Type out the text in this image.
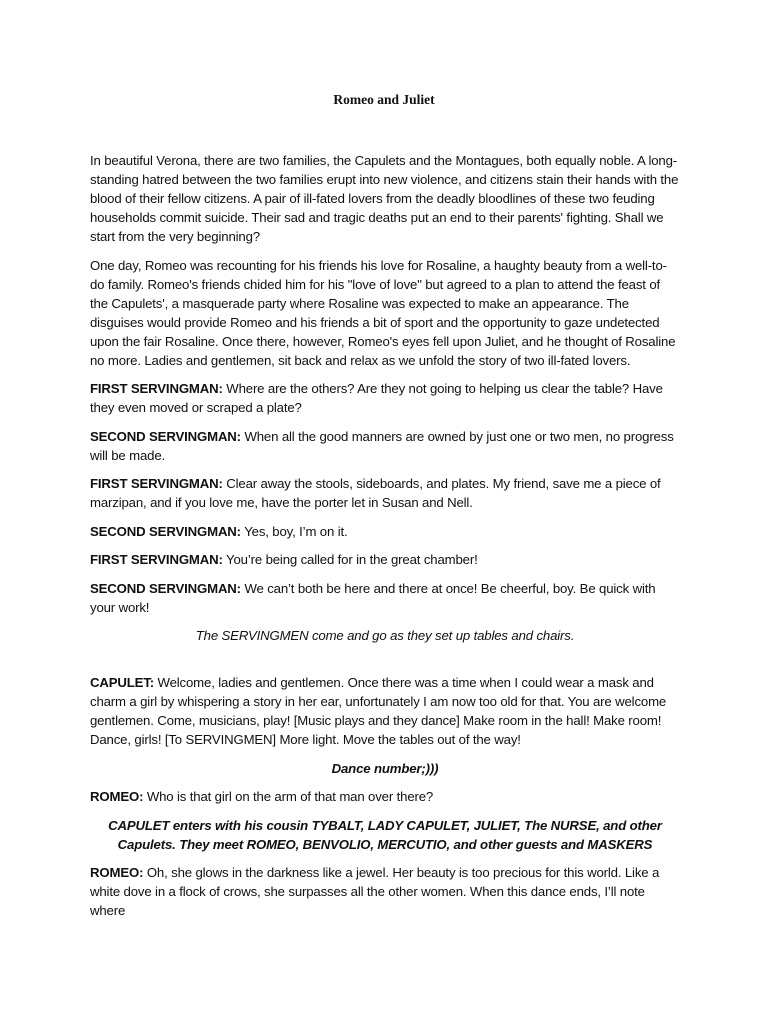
Romeo and Juliet

In beautiful Verona, there are two families, the Capulets and the Montagues, both equally noble. A long-standing hatred between the two families erupt into new violence, and citizens stain their hands with the blood of their fellow citizens. A pair of ill-fated lovers from the deadly bloodlines of these two feuding households commit suicide. Their sad and tragic deaths put an end to their parents' fighting. Shall we start from the very beginning?

One day, Romeo was recounting for his friends his love for Rosaline, a haughty beauty from a well-to-do family. Romeo's friends chided him for his "love of love" but agreed to a plan to attend the feast of the Capulets', a masquerade party where Rosaline was expected to make an appearance. The disguises would provide Romeo and his friends a bit of sport and the opportunity to gaze undetected upon the fair Rosaline. Once there, however, Romeo's eyes fell upon Juliet, and he thought of Rosaline no more. Ladies and gentlemen, sit back and relax as we unfold the story of two ill-fated lovers.

FIRST SERVINGMAN: Where are the others? Are they not going to helping us clear the table? Have they even moved or scraped a plate?

SECOND SERVINGMAN: When all the good manners are owned by just one or two men, no progress will be made.

FIRST SERVINGMAN: Clear away the stools, sideboards, and plates. My friend, save me a piece of marzipan, and if you love me, have the porter let in Susan and Nell.

SECOND SERVINGMAN: Yes, boy, I’m on it.

FIRST SERVINGMAN: You’re being called for in the great chamber!

SECOND SERVINGMAN: We can’t both be here and there at once! Be cheerful, boy. Be quick with your work!

The SERVINGMEN come and go as they set up tables and chairs.

CAPULET: Welcome, ladies and gentlemen. Once there was a time when I could wear a mask and charm a girl by whispering a story in her ear, unfortunately I am now too old for that. You are welcome gentlemen. Come, musicians, play! [Music plays and they dance] Make room in the hall! Make room! Dance, girls! [To SERVINGMEN] More light. Move the tables out of the way!

Dance number;)))

ROMEO: Who is that girl on the arm of that man over there?

CAPULET enters with his cousin TYBALT, LADY CAPULET, JULIET, The NURSE, and other Capulets. They meet ROMEO, BENVOLIO, MERCUTIO, and other guests and MASKERS

ROMEO: Oh, she glows in the darkness like a jewel. Her beauty is too precious for this world. Like a white dove in a flock of crows, she surpasses all the other women. When this dance ends, I’ll note where
